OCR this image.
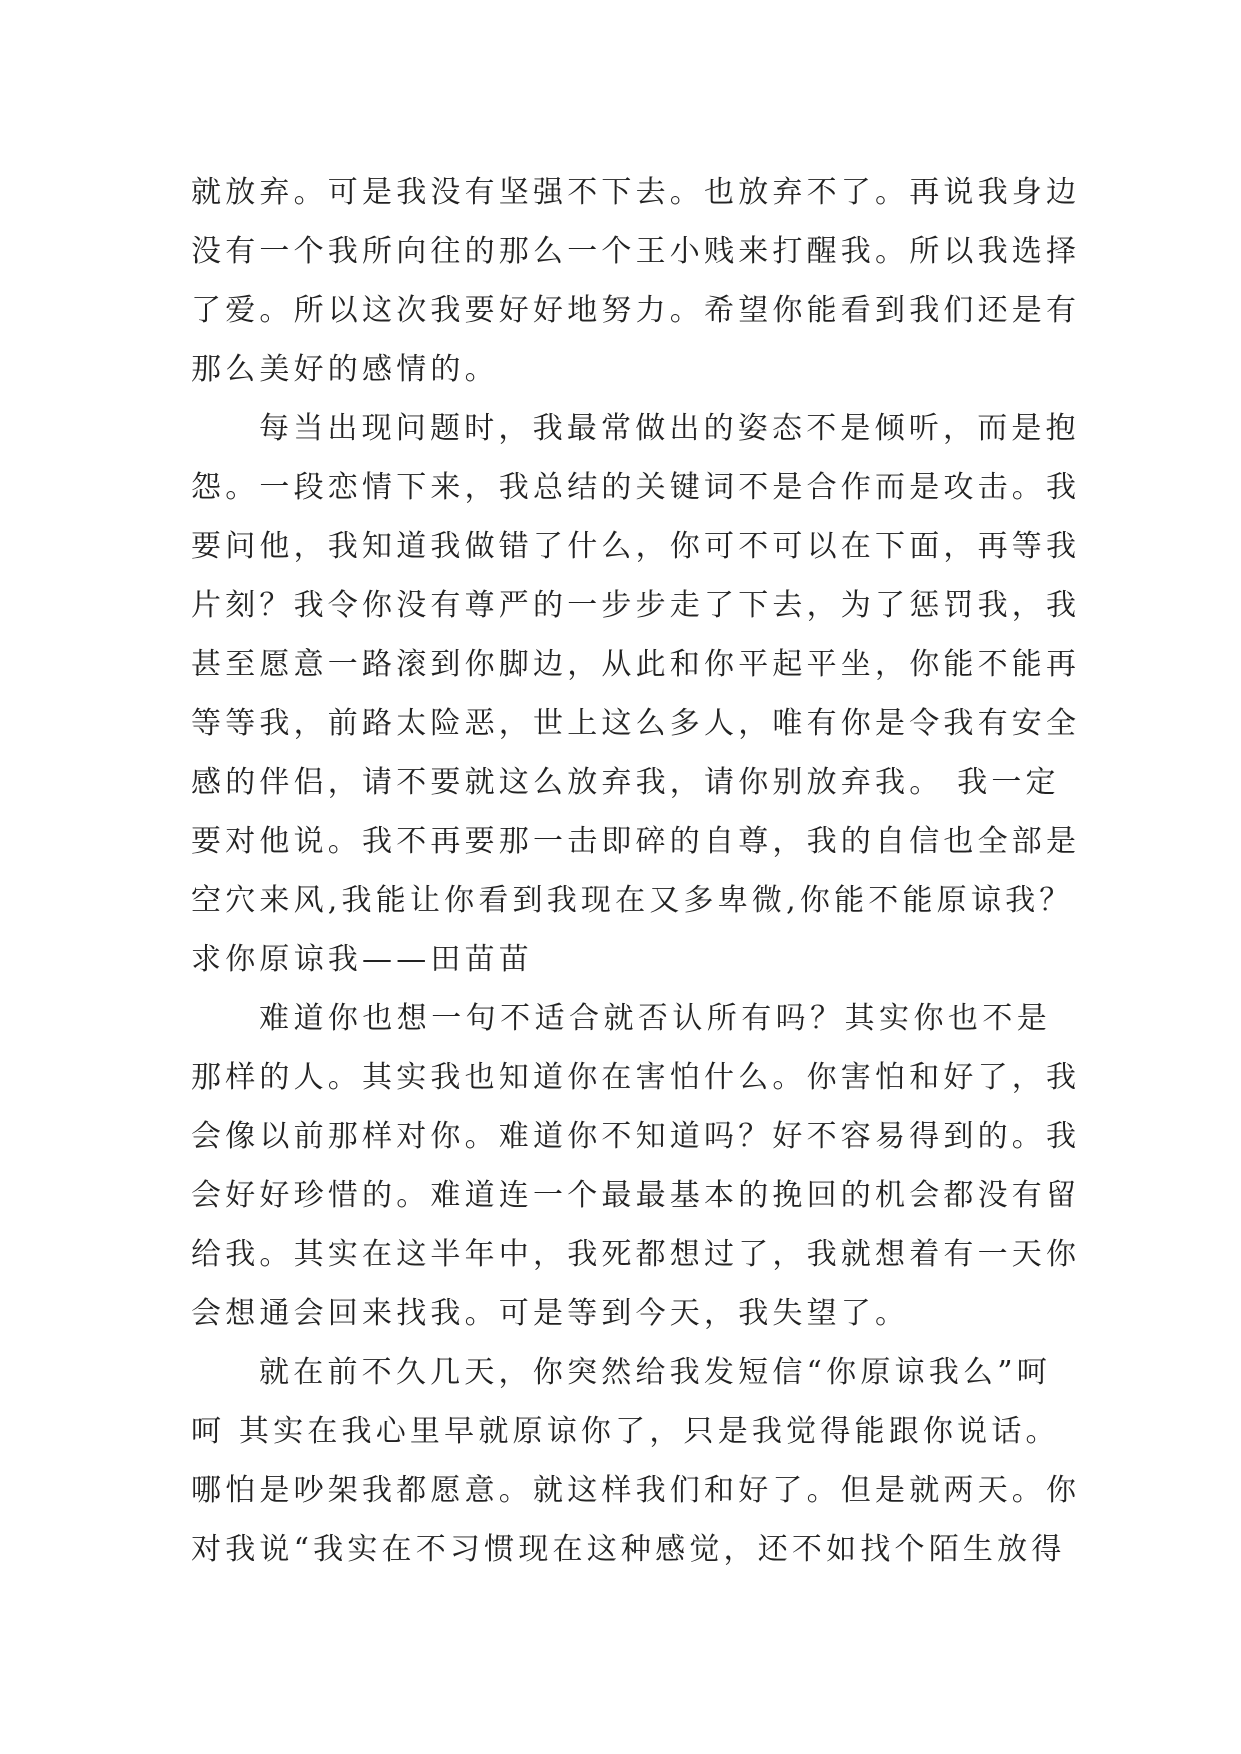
就放弃。可是我没有坚强不下去。也放弃不了。再说我身边
没有一个我所向往的那么一个王小贱来打醒我。所以我选择
了爱。所以这次我要好好地努力。希望你能看到我们还是有
那么美好的感情的。
每当出现问题时，我最常做出的姿态不是倾听，而是抱
怨。一段恋情下来，我总结的关键词不是合作而是攻击。我
要问他，我知道我做错了什么，你可不可以在下面，再等我
片刻？我令你没有尊严的一步步走了下去，为了惩罚我，我
甚至愿意一路滚到你脚边，从此和你平起平坐，你能不能再
等等我，前路太险恶，世上这么多人，唯有你是令我有安全
感的伴侣，请不要就这么放弃我，请你别放弃我。 我一定
要对他说。我不再要那一击即碎的自尊，我的自信也全部是
空穴来风,我能让你看到我现在又多卑微,你能不能原谅我？
求你原谅我——田苗苗
难道你也想一句不适合就否认所有吗？其实你也不是
那样的人。其实我也知道你在害怕什么。你害怕和好了，我
会像以前那样对你。难道你不知道吗？好不容易得到的。我
会好好珍惜的。难道连一个最最基本的挽回的机会都没有留
给我。其实在这半年中，我死都想过了，我就想着有一天你
会想通会回来找我。可是等到今天，我失望了。
就在前不久几天，你突然给我发短信“你原谅我么”呵
呵 其实在我心里早就原谅你了，只是我觉得能跟你说话。
哪怕是吵架我都愿意。就这样我们和好了。但是就两天。你
对我说“我实在不习惯现在这种感觉，还不如找个陌生放得
